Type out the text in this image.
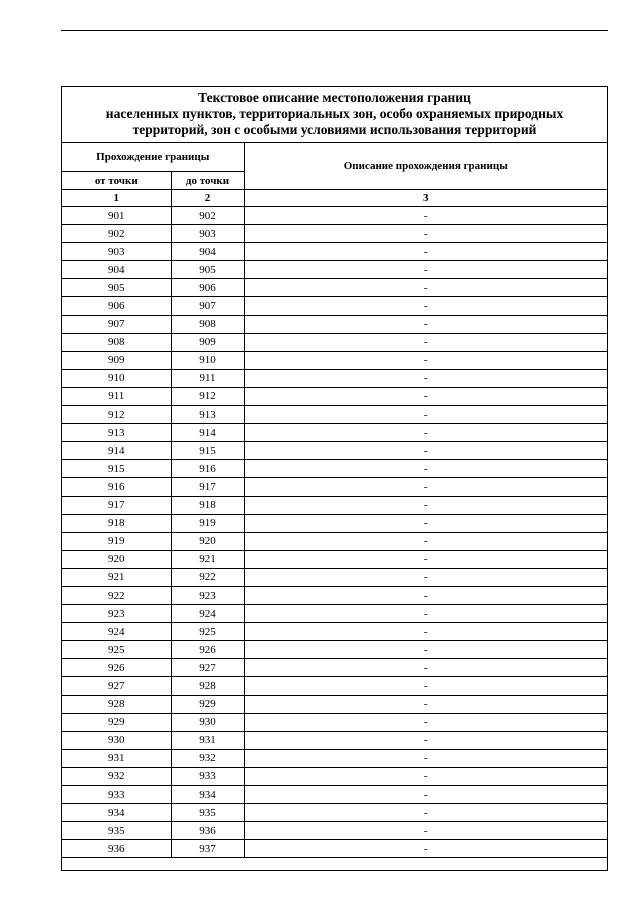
Текстовое описание местоположения границ
населенных пунктов, территориальных зон, особо охраняемых природных
территорий, зон с особыми условиями использования территорий
Прохождение границы		Описание прохождения границы
от точки	до точки	
1	2	3
901	902	-
902	903	-
903	904	-
904	905	-
905	906	-
906	907	-
907	908	-
908	909	-
909	910	-
910	911	-
911	912	-
912	913	-
913	914	-
914	915	-
915	916	-
916	917	-
917	918	-
918	919	-
919	920	-
920	921	-
921	922	-
922	923	-
923	924	-
924	925	-
925	926	-
926	927	-
927	928	-
928	929	-
929	930	-
930	931	-
931	932	-
932	933	-
933	934	-
934	935	-
935	936	-
936	937	-
